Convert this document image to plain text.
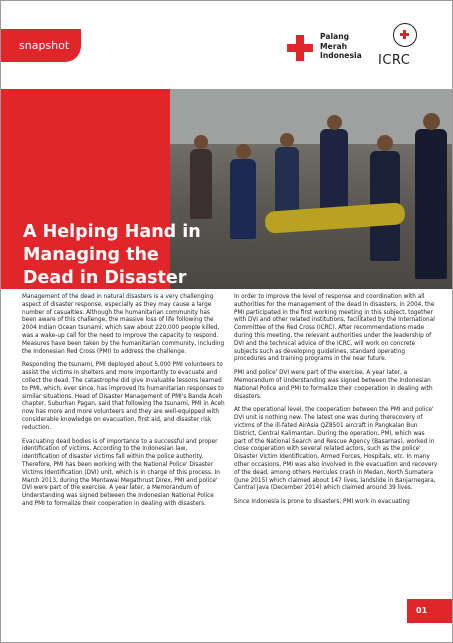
snapshot
Palang
Merah
Indonesia ICRC
A Helping Hand in
Managing the
Dead in Disaster

Management of the dead in natural disasters is a very challenging aspect of disaster response, especially as they may cause a large number of casualties. Although the humanitarian community has been aware of this challenge, the massive loss of life following the 2004 Indian Ocean tsunami, which saw about 220,000 people killed, was a wake-up call for the need to improve the capacity to respond. Measures have been taken by the humanitarian community, including the Indonesian Red Cross (PMI) to address the challenge.

Responding the tsunami, PMI deployed about 5,000 PMI volunteers to assist the victims in shelters and more importantly to evacuate and collect the dead. The catastrophe did give invaluable lessons learned to PMI, which, ever since, has improved its humanitarian responses to similar situations. Head of Disaster Management of PMI's Banda Aceh chapter, Suburhan Pagan, said that following the tsunami, PMI in Aceh now has more and more volunteers and they are well-equipped with considerable knowledge on evacuation, first aid, and disaster risk reduction.

Evacuating dead bodies is of importance to a successful and proper identification of victims. According to the Indonesian law, identification of disaster victims fall within the police authority. Therefore, PMI has been working with the National Police' Disaster Victims Identification (DVI) unit, which is in charge of this process. In March 2013, during the Mentawai Megathrust Direx, PMI and police' DVI were part of the exercise. A year later, a Memorandum of Understanding was signed between the Indonesian National Police and PMI to formalize their cooperation in dealing with disasters.

In order to improve the level of response and coordination with all authorities for the management of the dead in disasters, in 2004, the PMI participated in the first working meeting in this subject, together with DVI and other related institutions, facilitated by the International Committee of the Red Cross (ICRC). After recommendations made during this meeting, the relevant authorities under the leadership of DVI and the technical advice of the ICRC, will work on concrete subjects such as developing guidelines, standard operating procedures and training programs in the near future.

PMI and police' DVI were part of the exercise. A year later, a Memorandum of Understanding was signed between the Indonesian National Police and PMI to formalize their cooperation in dealing with disasters.

At the operational level, the cooperation between the PMI and police' DVI unit is nothing new. The latest one was during therecovery of victims of the ill-fated AirAsia QZ8501 aircraft in Pangkalan Bun District, Central Kalimantan. During the operation, PMI, which was part of the National Search and Rescue Agency (Basarnas), worked in close cooperation with several related actors, such as the police' Disaster Victim Identification, Armed Forces, Hospitals, etc. In many other occasions, PMI was also involved in the evacuation and recovery of the dead, among others Hercules crash in Medan, North Sumatera (June 2015) which claimed about 147 lives, landslide in Banjarnegara, Central Java (December 2014) which claimed around 39 lives.

Since Indonesia is prone to disasters, PMI work in evacuating

01
